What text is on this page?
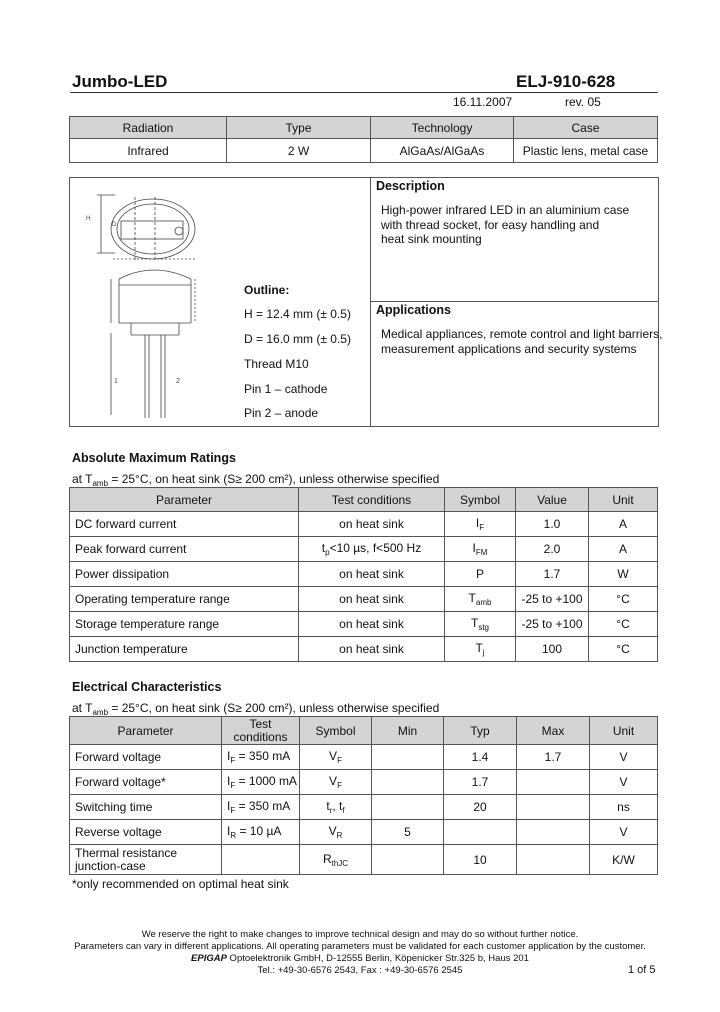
Jumbo-LED	ELJ-910-628
16.11.2007	rev. 05
Radiation	Type	Technology	Case
Infrared	2 W	AlGaAs/AlGaAs	Plastic lens, metal case
H
D
1	2
Outline:
H = 12.4 mm (± 0.5)
D = 16.0 mm (± 0.5)
Thread M10
Pin 1 – cathode
Pin 2 – anode
Description
High-power infrared LED in an aluminium case
with thread socket, for easy handling and
heat sink mounting
Applications
Medical appliances, remote control and light barriers,
measurement applications and security systems
Absolute Maximum Ratings
at $T_{amb} = 25^\circ C$, on heat sink (S≥ 200 cm²), unless otherwise specified
Parameter	Test conditions	Symbol	Value	Unit
DC forward current	on heat sink	$I_F$	1.0	A
Peak forward current	$t_p<10$ µs, f<500 Hz	$I_{FM}$	2.0	A
Power dissipation	on heat sink	P	1.7	W
Operating temperature range	on heat sink	$T_{amb}$	-25 to +100	°C
Storage temperature range	on heat sink	$T_{stg}$	-25 to +100	°C
Junction temperature	on heat sink	$T_j$	100	°C
Electrical Characteristics
at $T_{amb} = 25^\circ C$, on heat sink (S≥ 200 cm²), unless otherwise specified
Parameter	Test conditions	Symbol	Min	Typ	Max	Unit
Forward voltage	$I_F = 350$ mA	$V_F$		1.4	1.7	V
Forward voltage*	$I_F = 1000$ mA	$V_F$		1.7		V
Switching time	$I_F = 350$ mA	$t_r$, $t_f$		20		ns
Reverse voltage	$I_R = 10$ µA	$V_R$	5			V
Thermal resistance junction-case		$R_{thJC}$		10		K/W
*only recommended on optimal heat sink
We reserve the right to make changes to improve technical design and may do so without further notice.
Parameters can vary in different applications. All operating parameters must be validated for each customer application by the customer.
EPIGAP Optoelektronik GmbH, D-12555 Berlin, Köpenicker Str.325 b, Haus 201
Tel.: +49-30-6576 2543, Fax : +49-30-6576 2545	1 of 5
